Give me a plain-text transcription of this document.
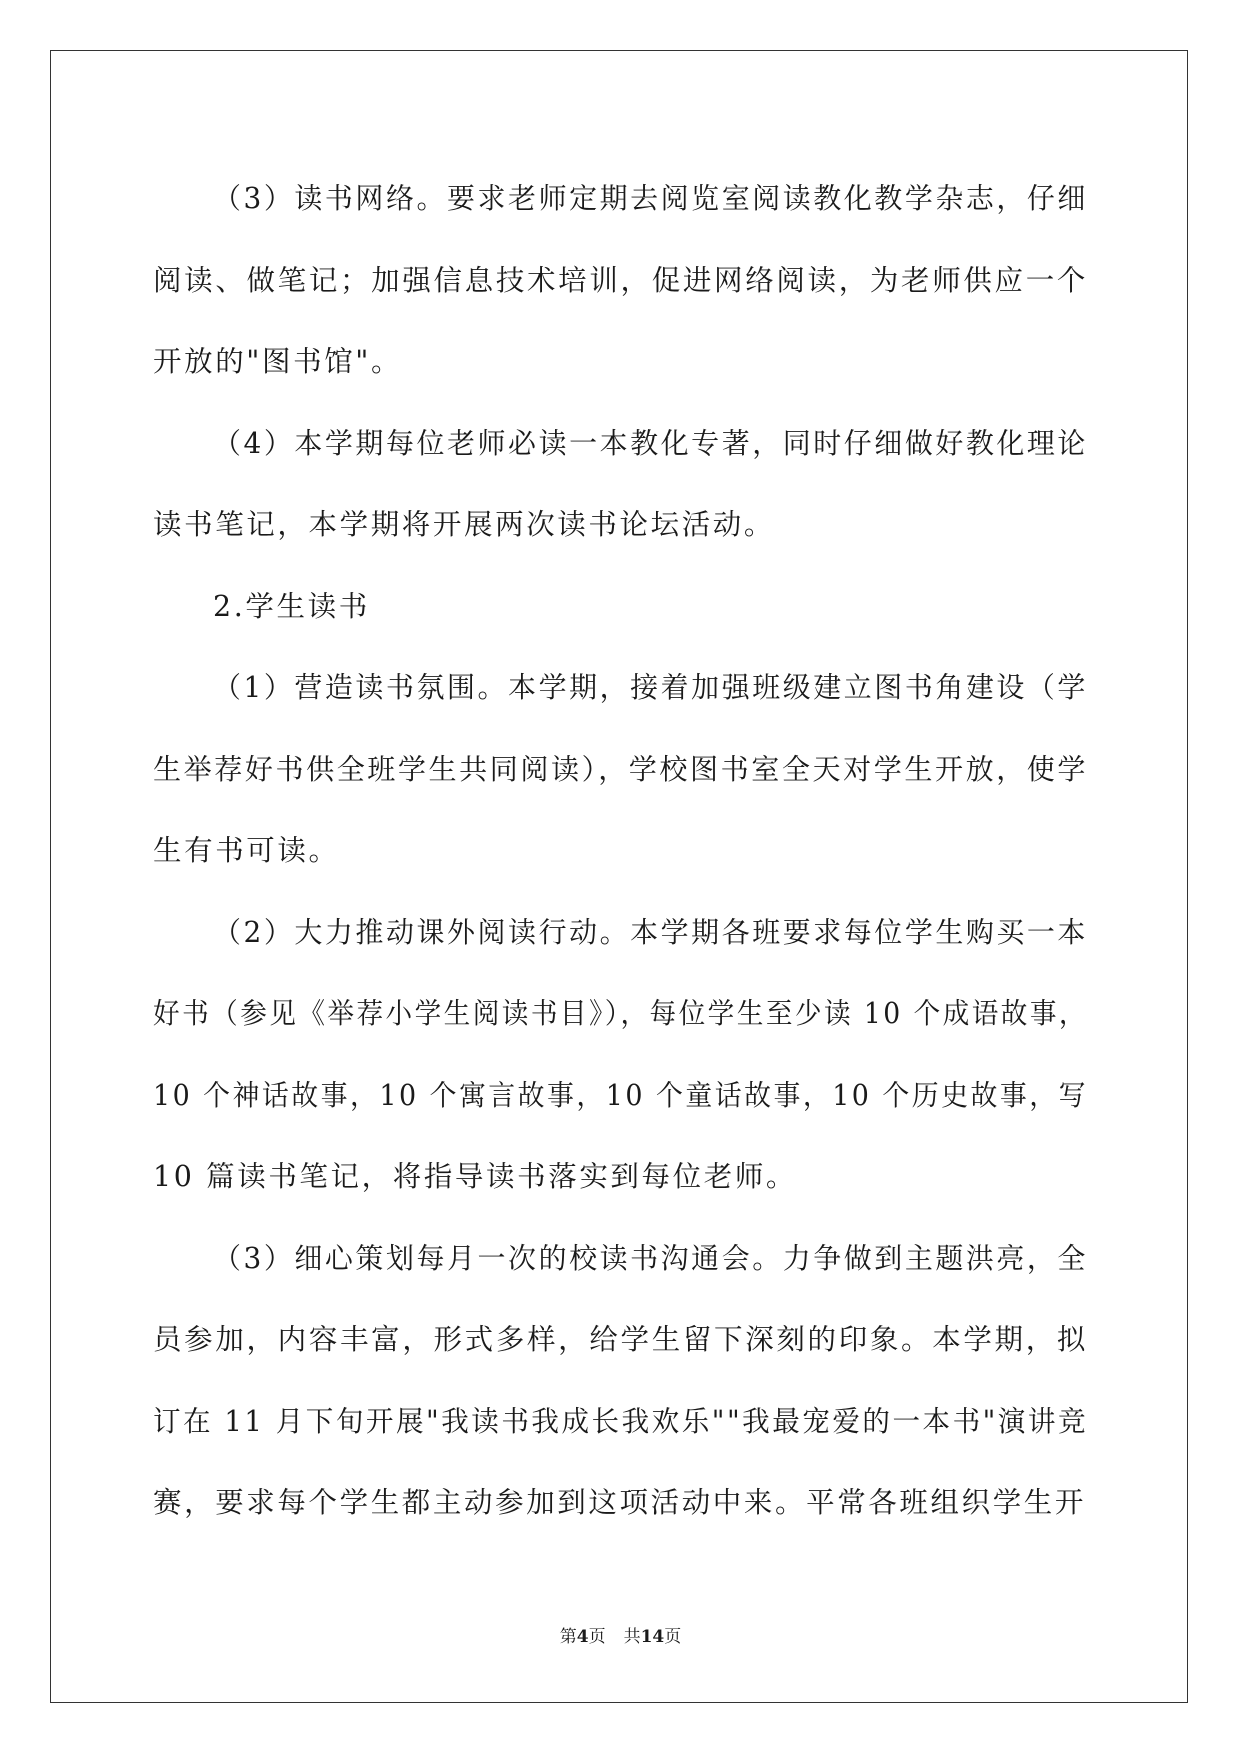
（3）读书网络。要求老师定期去阅览室阅读教化教学杂志，仔细
阅读、做笔记；加强信息技术培训，促进网络阅读，为老师供应一个
开放的"图书馆"。
（4）本学期每位老师必读一本教化专著，同时仔细做好教化理论
读书笔记，本学期将开展两次读书论坛活动。
2.学生读书
（1）营造读书氛围。本学期，接着加强班级建立图书角建设（学
生举荐好书供全班学生共同阅读），学校图书室全天对学生开放，使学
生有书可读。
（2）大力推动课外阅读行动。本学期各班要求每位学生购买一本
好书（参见《举荐小学生阅读书目》），每位学生至少读 10 个成语故事，
10 个神话故事，10 个寓言故事，10 个童话故事，10 个历史故事，写
10 篇读书笔记，将指导读书落实到每位老师。
（3）细心策划每月一次的校读书沟通会。力争做到主题洪亮，全
员参加，内容丰富，形式多样，给学生留下深刻的印象。本学期，拟
订在 11 月下旬开展"我读书我成长我欢乐""我最宠爱的一本书"演讲竞
赛，要求每个学生都主动参加到这项活动中来。平常各班组织学生开
第4页 共14页
